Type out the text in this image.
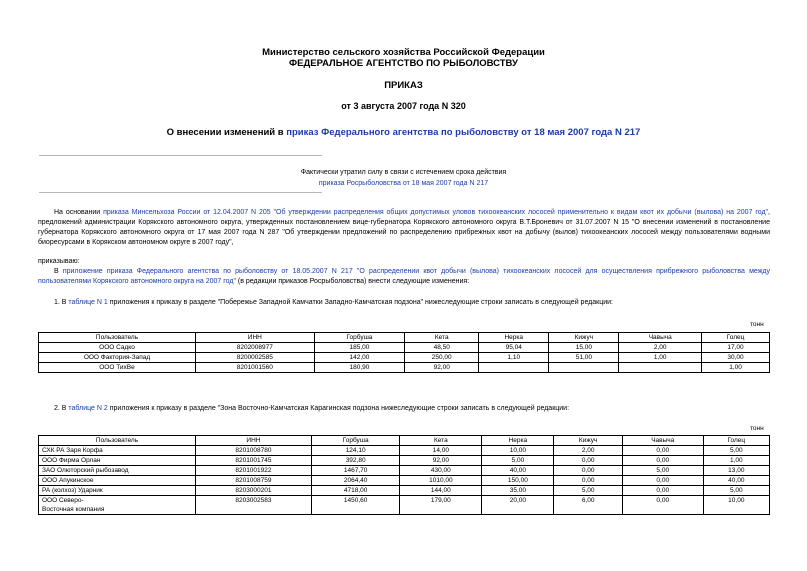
Министерство сельского хозяйства Российской Федерации
ФЕДЕРАЛЬНОЕ АГЕНТСТВО ПО РЫБОЛОВСТВУ
ПРИКАЗ
от 3 августа 2007 года N 320
О внесении изменений в приказ Федерального агентства по рыболовству от 18 мая 2007 года N 217
Фактически утратил силу в связи с истечением срока действия
приказа Росрыболовства от 18 мая 2007 года N 217
На основании приказа Минсельхоза России от 12.04.2007 N 205 "Об утверждении распределения общих допустимых уловов тихоокеанских лососей применительно к видам квот их добычи (вылова) на 2007 год", предложений администрации Корякского автономного округа, утвержденных постановлением вице-губернатора Корякского автономного округа В.Т.Броневич от 31.07.2007 N 15 "О внесении изменений в постановление губернатора Корякского автономного округа от 17 мая 2007 года N 287 "Об утверждении предложений по распределению прибрежных квот на добычу (вылов) тихоокеанских лососей между пользователями водными биоресурсами в Корякском автономном округе в 2007 году",
приказываю:
В приложение приказа Федерального агентства по рыболовству от 18.05.2007 N 217 "О распределении квот добычи (вылова) тихоокеанских лососей для осуществления прибрежного рыболовства между пользователями Корякского автономного округа на 2007 год" (в редакции приказов Росрыболовства) внести следующие изменения:
1. В таблице N 1 приложения к приказу в разделе "Побережье Западной Камчатки Западно-Камчатская подзона" нижеследующие строки записать в следующей редакции:
тонн
Пользователь	ИНН	Горбуша	Кета	Нерка	Кижуч	Чавыча	Голец
ООО Садко	8202008977	185,00	48,50	95,04	15,00	2,00	17,00
ООО Фактория-Запад	8200002585	142,00	250,00	1,10	51,00	1,00	30,00
ООО ТихВе	8201001560	180,90	92,00				1,00
2. В таблице N 2 приложения к приказу в разделе "Зона Восточно-Камчатская Карагинская подзона нижеследующие строки записать в следующей редакции:
тонн
Пользователь	ИНН	Горбуша	Кета	Нерка	Кижуч	Чавыча	Голец
СХК РА Заря Корфа	8201008780	124,10	14,00	10,00	2,00	0,00	5,00
ООО Фирма Орлан	8201001745	392,80	92,00	5,00	0,00	0,00	1,00
ЗАО Олюторский рыбозавод	8201001922	1467,70	430,00	40,00	0,00	5,00	13,00
ООО Апукинское	8201008759	2064,40	1010,00	150,00	0,00	0,00	40,00
РА (колхоз) Ударник	8203000201	4718,00	144,00	35,00	5,00	0,00	5,00
ООО Северо-	8203002583	1450,60	179,00	20,00	6,00	0,00	10,00
Восточная компания							
